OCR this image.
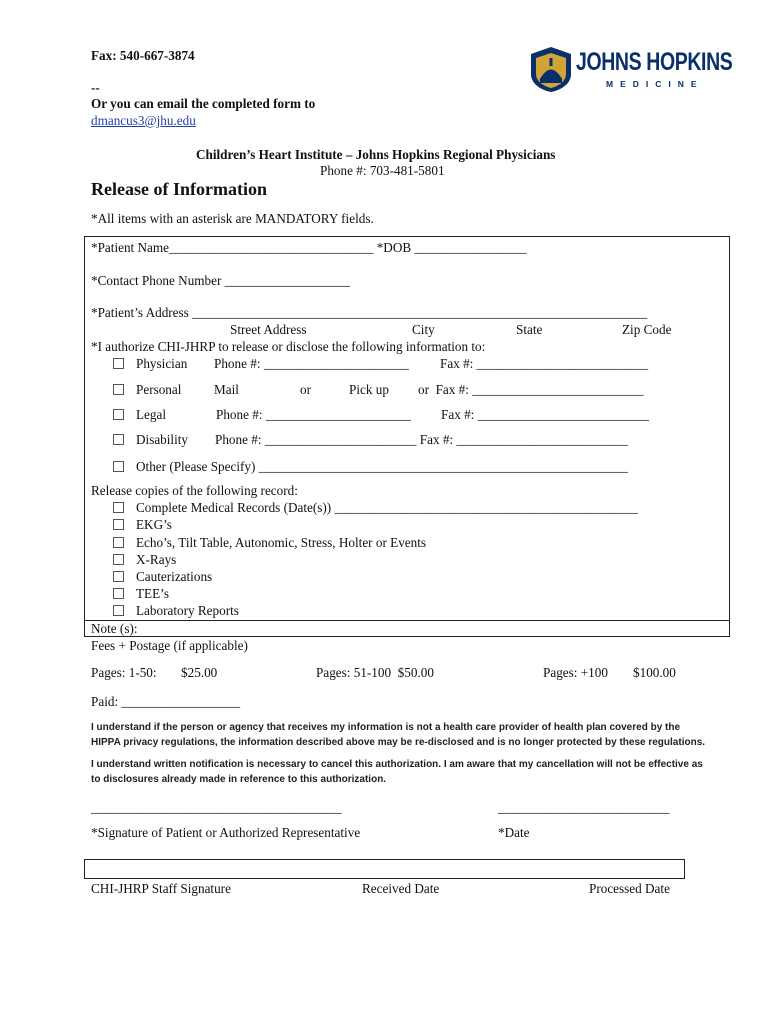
Fax: 540-667-3874
--
Or you can email the completed form to
dmancus3@jhu.edu
JOHNS HOPKINS
MEDICINE
Children’s Heart Institute – Johns Hopkins Regional Physicians
Phone #: 703-481-5801
Release of Information
*All items with an asterisk are MANDATORY fields.
*Patient Name_______________________________ *DOB _________________
*Contact Phone Number ___________________
*Patient’s Address _____________________________________________________________________
Street Address	City	State	Zip Code
*I authorize CHI-JHRP to release or disclose the following information to:
Physician Phone #: ______________________ Fax #: __________________________
Personal Mail	or	Pick up or  Fax #: __________________________
Legal	Phone #: ______________________ Fax #: __________________________
Disability Phone #: _______________________ Fax #: __________________________
Other (Please Specify) ________________________________________________________
Release copies of the following record:
Complete Medical Records (Date(s)) ______________________________________________
EKG’s
Echo’s, Tilt Table, Autonomic, Stress, Holter or Events
X-Rays
Cauterizations
TEE’s
Laboratory Reports
Note (s):
Fees + Postage (if applicable)
Pages: 1-50: $25.00	Pages: 51-100  $50.00	Pages: +100 $100.00
Paid: __________________
I understand if the person or agency that receives my information is not a health care provider of health plan covered by the
HIPPA privacy regulations, the information described above may be re-disclosed and is no longer protected by these regulations.
I understand written notification is necessary to cancel this authorization. I am aware that my cancellation will not be effective as
to disclosures already made in reference to this authorization.
______________________________________	__________________________
*Signature of Patient or Authorized Representative	*Date
CHI-JHRP Staff Signature	Received Date	Processed Date
